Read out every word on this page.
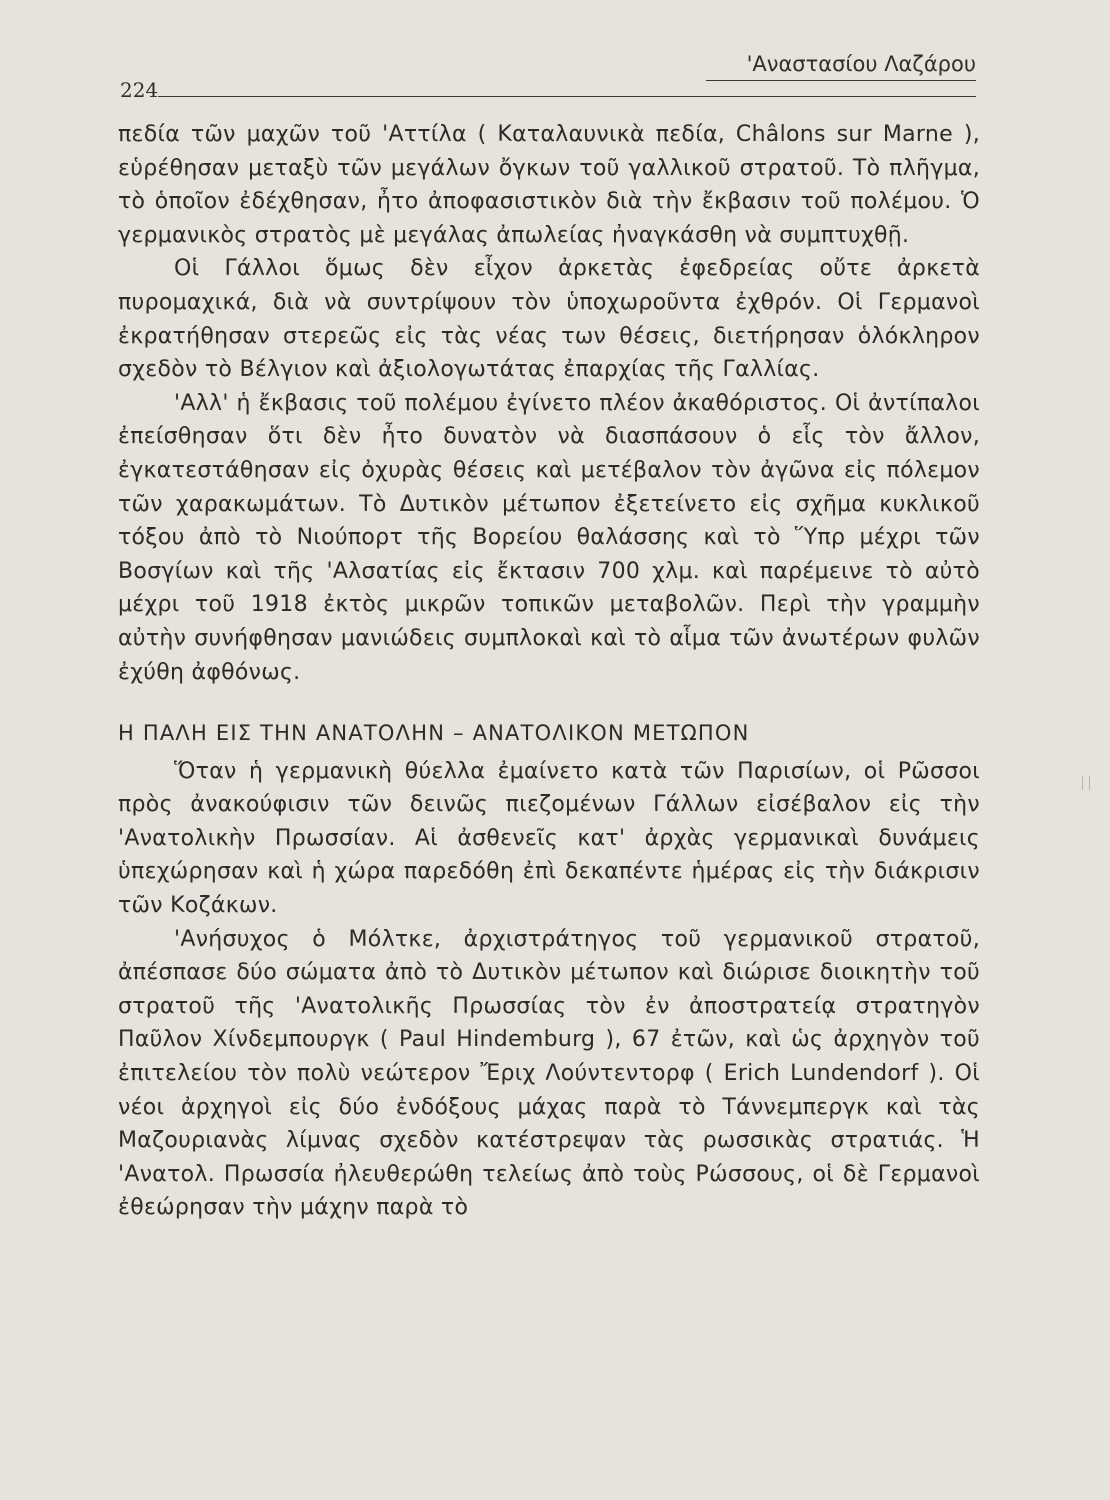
224
'Αναστασίου Λαζάρου

πεδία τῶν μαχῶν τοῦ 'Αττίλα ( Καταλαυνικὰ πεδία, Châlons sur Marne ), εὑρέθησαν μεταξὺ τῶν μεγάλων ὄγκων τοῦ γαλλικοῦ στρατοῦ. Τὸ πλῆγμα, τὸ ὁποῖον ἐδέχθησαν, ἦτο ἀποφασιστικὸν διὰ τὴν ἔκβασιν τοῦ πολέμου. Ὁ γερμανικὸς στρατὸς μὲ μεγάλας ἀπωλείας ἠναγκάσθη νὰ συμπτυχθῇ.

Οἱ Γάλλοι ὅμως δὲν εἶχον ἀρκετὰς ἐφεδρείας οὔτε ἀρκετὰ πυρομαχικά, διὰ νὰ συντρίψουν τὸν ὑποχωροῦντα ἐχθρόν. Οἱ Γερμανοὶ ἐκρατήθησαν στερεῶς εἰς τὰς νέας των θέσεις, διετήρησαν ὁλόκληρον σχεδὸν τὸ Βέλγιον καὶ ἀξιολογωτάτας ἐπαρχίας τῆς Γαλλίας.

'Αλλ' ἡ ἔκβασις τοῦ πολέμου ἐγίνετο πλέον ἀκαθόριστος. Οἱ ἀντίπαλοι ἐπείσθησαν ὅτι δὲν ἦτο δυνατὸν νὰ διασπάσουν ὁ εἷς τὸν ἄλλον, ἐγκατεστάθησαν εἰς ὀχυρὰς θέσεις καὶ μετέβαλον τὸν ἀγῶνα εἰς πόλεμον τῶν χαρακωμάτων. Τὸ Δυτικὸν μέτωπον ἐξετείνετο εἰς σχῆμα κυκλικοῦ τόξου ἀπὸ τὸ Νιούπορτ τῆς Βορείου θαλάσσης καὶ τὸ Ὕπρ μέχρι τῶν Βοσγίων καὶ τῆς 'Αλσατίας εἰς ἔκτασιν 700 χλμ. καὶ παρέμεινε τὸ αὐτὸ μέχρι τοῦ 1918 ἐκτὸς μικρῶν τοπικῶν μεταβολῶν. Περὶ τὴν γραμμὴν αὐτὴν συνήφθησαν μανιώδεις συμπλοκαὶ καὶ τὸ αἷμα τῶν ἀνωτέρων φυλῶν ἐχύθη ἀφθόνως.

Η ΠΑΛΗ ΕΙΣ ΤΗΝ ΑΝΑΤΟΛΗΝ – ΑΝΑΤΟΛΙΚΟΝ ΜΕΤΩΠΟΝ

Ὅταν ἡ γερμανικὴ θύελλα ἐμαίνετο κατὰ τῶν Παρισίων, οἱ Ρῶσσοι πρὸς ἀνακούφισιν τῶν δεινῶς πιεζομένων Γάλλων εἰσέβαλον εἰς τὴν 'Ανατολικὴν Πρωσσίαν. Αἱ ἀσθενεῖς κατ' ἀρχὰς γερμανικαὶ δυνάμεις ὑπεχώρησαν καὶ ἡ χώρα παρεδόθη ἐπὶ δεκαπέντε ἡμέρας εἰς τὴν διάκρισιν τῶν Κοζάκων.

'Ανήσυχος ὁ Μόλτκε, ἀρχιστράτηγος τοῦ γερμανικοῦ στρατοῦ, ἀπέσπασε δύο σώματα ἀπὸ τὸ Δυτικὸν μέτωπον καὶ διώρισε διοικητὴν τοῦ στρατοῦ τῆς 'Ανατολικῆς Πρωσσίας τὸν ἐν ἀποστρατείᾳ στρατηγὸν Παῦλον Χίνδεμπουργκ ( Paul Hindemburg ), 67 ἐτῶν, καὶ ὡς ἀρχηγὸν τοῦ ἐπιτελείου τὸν πολὺ νεώτερον Ἔριχ Λούντεντορφ ( Erich Lundendorf ). Οἱ νέοι ἀρχηγοὶ εἰς δύο ἐνδόξους μάχας παρὰ τὸ Τάννεμπεργκ καὶ τὰς Μαζουριανὰς λίμνας σχεδὸν κατέστρεψαν τὰς ρωσσικὰς στρατιάς. Ἡ 'Ανατολ. Πρωσσία ἠλευθερώθη τελείως ἀπὸ τοὺς Ρώσσους, οἱ δὲ Γερμανοὶ ἐθεώρησαν τὴν μάχην παρὰ τὸ
